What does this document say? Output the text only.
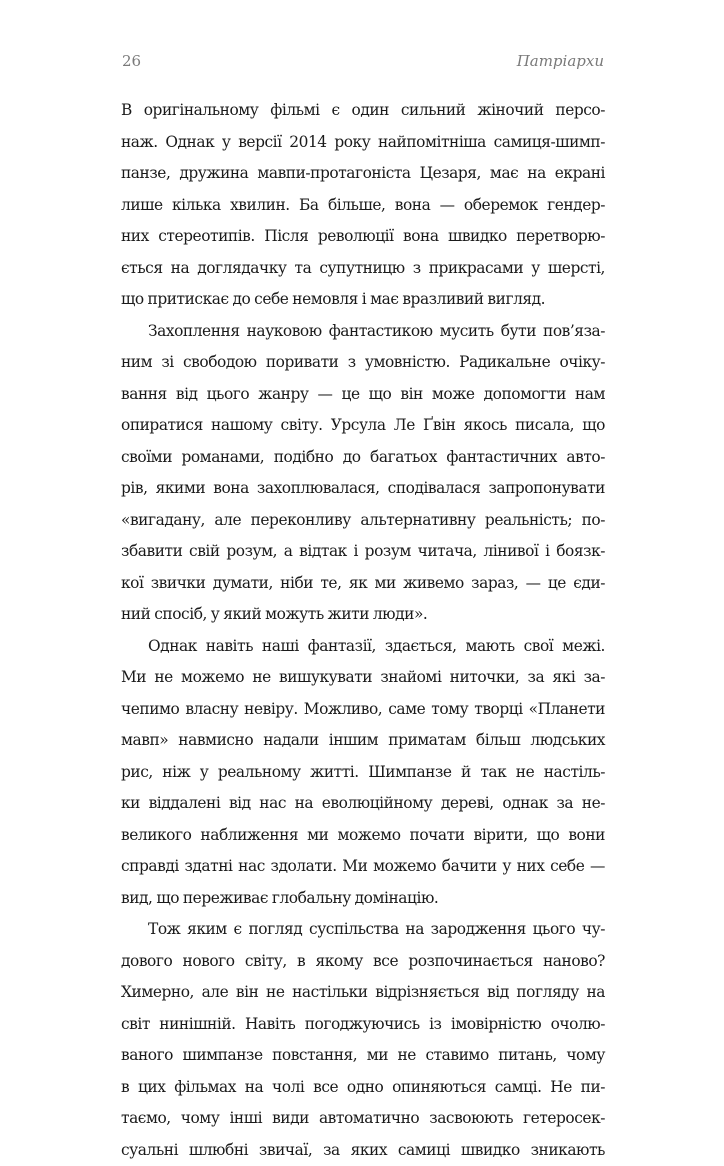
26	Патріархи
В оригінальному фільмі є один сильний жіночий персо-
наж. Однак у версії 2014 року найпомітніша самиця-шимп-
панзе, дружина мавпи-протагоніста Цезаря, має на екрані
лише кілька хвилин. Ба більше, вона — оберемок гендер-
них стереотипів. Після революції вона швидко перетворю-
ється на доглядачку та супутницю з прикрасами у шерсті,
що притискає до себе немовля і має вразливий вигляд.
Захоплення науковою фантастикою мусить бути пов’яза-
ним зі свободою поривати з умовністю. Радикальне очіку-
вання від цього жанру — це що він може допомогти нам
опиратися нашому світу. Урсула Ле Ґвін якось писала, що
своїми романами, подібно до багатьох фантастичних авто-
рів, якими вона захоплювалася, сподівалася запропонувати
«вигадану, але переконливу альтернативну реальність; по-
збавити свій розум, а відтак і розум читача, лінивої і боязк-
кої звички думати, ніби те, як ми живемо зараз, — це єди-
ний спосіб, у який можуть жити люди».
Однак навіть наші фантазії, здається, мають свої межі.
Ми не можемо не вишукувати знайомі ниточки, за які за-
чепимо власну невіру. Можливо, саме тому творці «Планети
мавп» навмисно надали іншим приматам більш людських
рис, ніж у реальному житті. Шимпанзе й так не настіль-
ки віддалені від нас на еволюційному дереві, однак за не-
великого наближення ми можемо почати вірити, що вони
справді здатні нас здолати. Ми можемо бачити у них себе —
вид, що переживає глобальну домінацію.
Тож яким є погляд суспільства на зародження цього чу-
дового нового світу, в якому все розпочинається наново?
Химерно, але він не настільки відрізняється від погляду на
світ нинішній. Навіть погоджуючись із імовірністю очолю-
ваного шимпанзе повстання, ми не ставимо питань, чому
в цих фільмах на чолі все одно опиняються самці. Не пи-
таємо, чому інші види автоматично засвоюють гетеросек-
суальні шлюбні звичаї, за яких самиці швидко зникають
